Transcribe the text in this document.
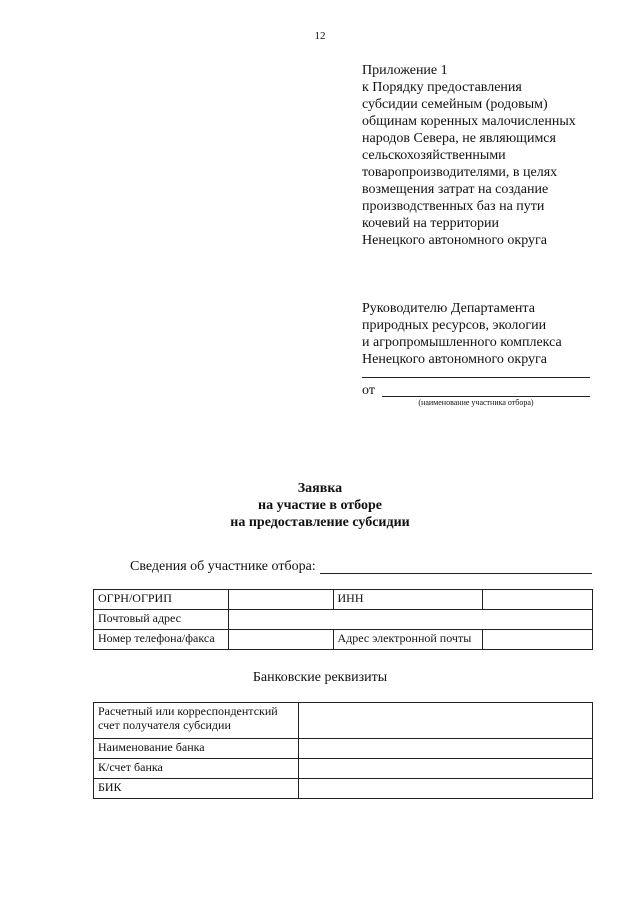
12
Приложение 1
к Порядку предоставления
субсидии семейным (родовым)
общинам коренных малочисленных
народов Севера, не являющимся
сельскохозяйственными
товаропроизводителями, в целях
возмещения затрат на создание
производственных баз на пути
кочевий на территории
Ненецкого автономного округа
Руководителю Департамента
природных ресурсов, экологии
и агропромышленного комплекса
Ненецкого автономного округа
от
(наименование участника отбора)
Заявка
на участие в отборе
на предоставление субсидии
Сведения об участнике отбора:
ОГРН/ОГРИП		ИНН	
Почтовый адрес			
Номер телефона/факса		Адрес электронной почты	
Банковские реквизиты
Расчетный или корреспондентский
счет получателя субсидии	

Наименование банка	
К/счет банка	
БИК	
